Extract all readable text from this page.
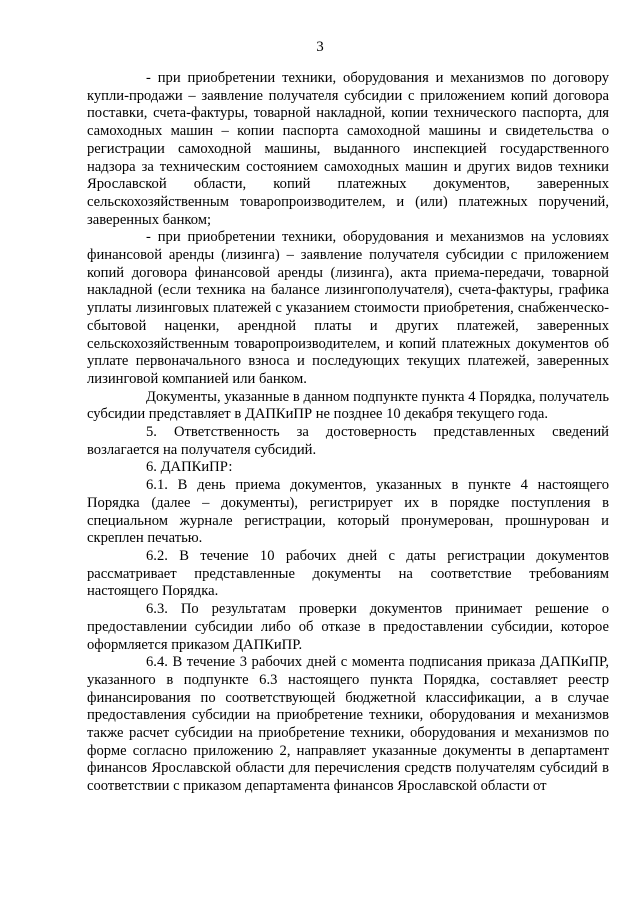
3

- при приобретении техники, оборудования и механизмов по договору купли-продажи – заявление получателя субсидии с приложением копий договора поставки, счета-фактуры, товарной накладной, копии технического паспорта, для самоходных машин – копии паспорта самоходной машины и свидетельства о регистрации самоходной машины, выданного инспекцией государственного надзора за техническим состоянием самоходных машин и других видов техники Ярославской области, копий платежных документов, заверенных сельскохозяйственным товаропроизводителем, и (или) платежных поручений, заверенных банком;

- при приобретении техники, оборудования и механизмов на условиях финансовой аренды (лизинга) – заявление получателя субсидии с приложением копий договора финансовой аренды (лизинга), акта приема-передачи, товарной накладной (если техника на балансе лизингополучателя), счета-фактуры, графика уплаты лизинговых платежей с указанием стоимости приобретения, снабженческо-сбытовой наценки, арендной платы и других платежей, заверенных сельскохозяйственным товаропроизводителем, и копий платежных документов об уплате первоначального взноса и последующих текущих платежей, заверенных лизинговой компанией или банком.

Документы, указанные в данном подпункте пункта 4 Порядка, получатель субсидии представляет в ДАПКиПР не позднее 10 декабря текущего года.

5. Ответственность за достоверность представленных сведений возлагается на получателя субсидий.

6. ДАПКиПР:

6.1. В день приема документов, указанных в пункте 4 настоящего Порядка (далее – документы), регистрирует их в порядке поступления в специальном журнале регистрации, который пронумерован, прошнурован и скреплен печатью.

6.2. В течение 10 рабочих дней с даты регистрации документов рассматривает представленные документы на соответствие требованиям настоящего Порядка.

6.3. По результатам проверки документов принимает решение о предоставлении субсидии либо об отказе в предоставлении субсидии, которое оформляется приказом ДАПКиПР.

6.4. В течение 3 рабочих дней с момента подписания приказа ДАПКиПР, указанного в подпункте 6.3 настоящего пункта Порядка, составляет реестр финансирования по соответствующей бюджетной классификации, а в случае предоставления субсидии на приобретение техники, оборудования и механизмов также расчет субсидии на приобретение техники, оборудования и механизмов по форме согласно приложению 2, направляет указанные документы в департамент финансов Ярославской области для перечисления средств получателям субсидий в соответствии с приказом департамента финансов Ярославской области от
